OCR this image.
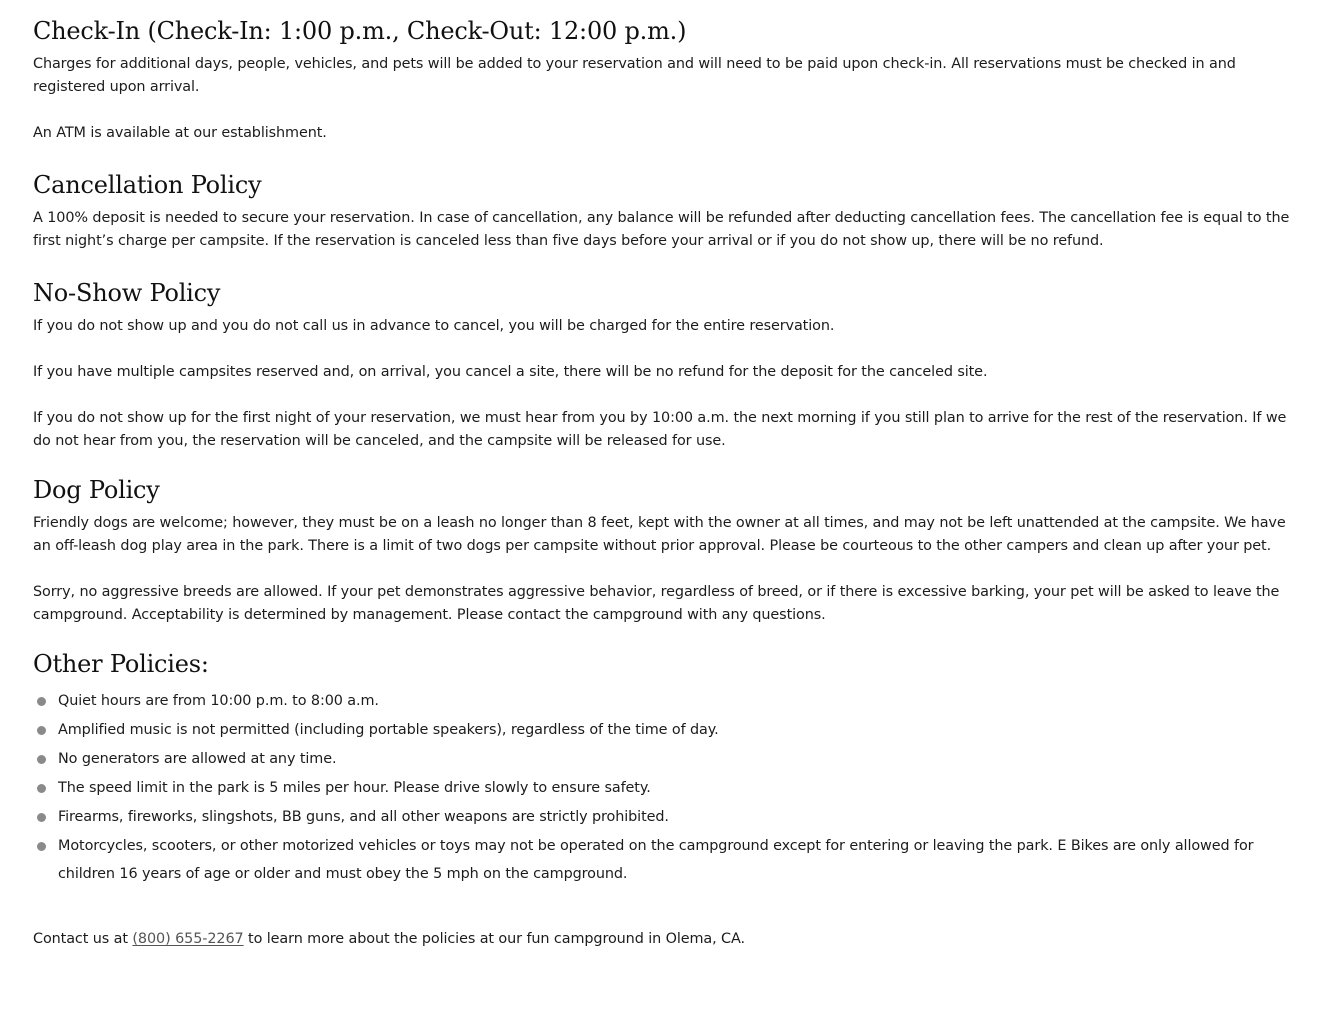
Check-In (Check-In: 1:00 p.m., Check-Out: 12:00 p.m.)

Charges for additional days, people, vehicles, and pets will be added to your reservation and will need to be paid upon check-in. All reservations must be checked in and registered upon arrival.

An ATM is available at our establishment.

Cancellation Policy

A 100% deposit is needed to secure your reservation. In case of cancellation, any balance will be refunded after deducting cancellation fees. The cancellation fee is equal to the first night’s charge per campsite. If the reservation is canceled less than five days before your arrival or if you do not show up, there will be no refund.

No-Show Policy

If you do not show up and you do not call us in advance to cancel, you will be charged for the entire reservation.

If you have multiple campsites reserved and, on arrival, you cancel a site, there will be no refund for the deposit for the canceled site.

If you do not show up for the first night of your reservation, we must hear from you by 10:00 a.m. the next morning if you still plan to arrive for the rest of the reservation. If we do not hear from you, the reservation will be canceled, and the campsite will be released for use.

Dog Policy

Friendly dogs are welcome; however, they must be on a leash no longer than 8 feet, kept with the owner at all times, and may not be left unattended at the campsite. We have an off-leash dog play area in the park. There is a limit of two dogs per campsite without prior approval. Please be courteous to the other campers and clean up after your pet.

Sorry, no aggressive breeds are allowed. If your pet demonstrates aggressive behavior, regardless of breed, or if there is excessive barking, your pet will be asked to leave the campground. Acceptability is determined by management. Please contact the campground with any questions.

Other Policies:
Quiet hours are from 10:00 p.m. to 8:00 a.m.
Amplified music is not permitted (including portable speakers), regardless of the time of day.
No generators are allowed at any time.
The speed limit in the park is 5 miles per hour. Please drive slowly to ensure safety.
Firearms, fireworks, slingshots, BB guns, and all other weapons are strictly prohibited.
Motorcycles, scooters, or other motorized vehicles or toys may not be operated on the campground except for entering or leaving the park. E Bikes are only allowed for children 16 years of age or older and must obey the 5 mph on the campground.

Contact us at (800) 655-2267 to learn more about the policies at our fun campground in Olema, CA.
